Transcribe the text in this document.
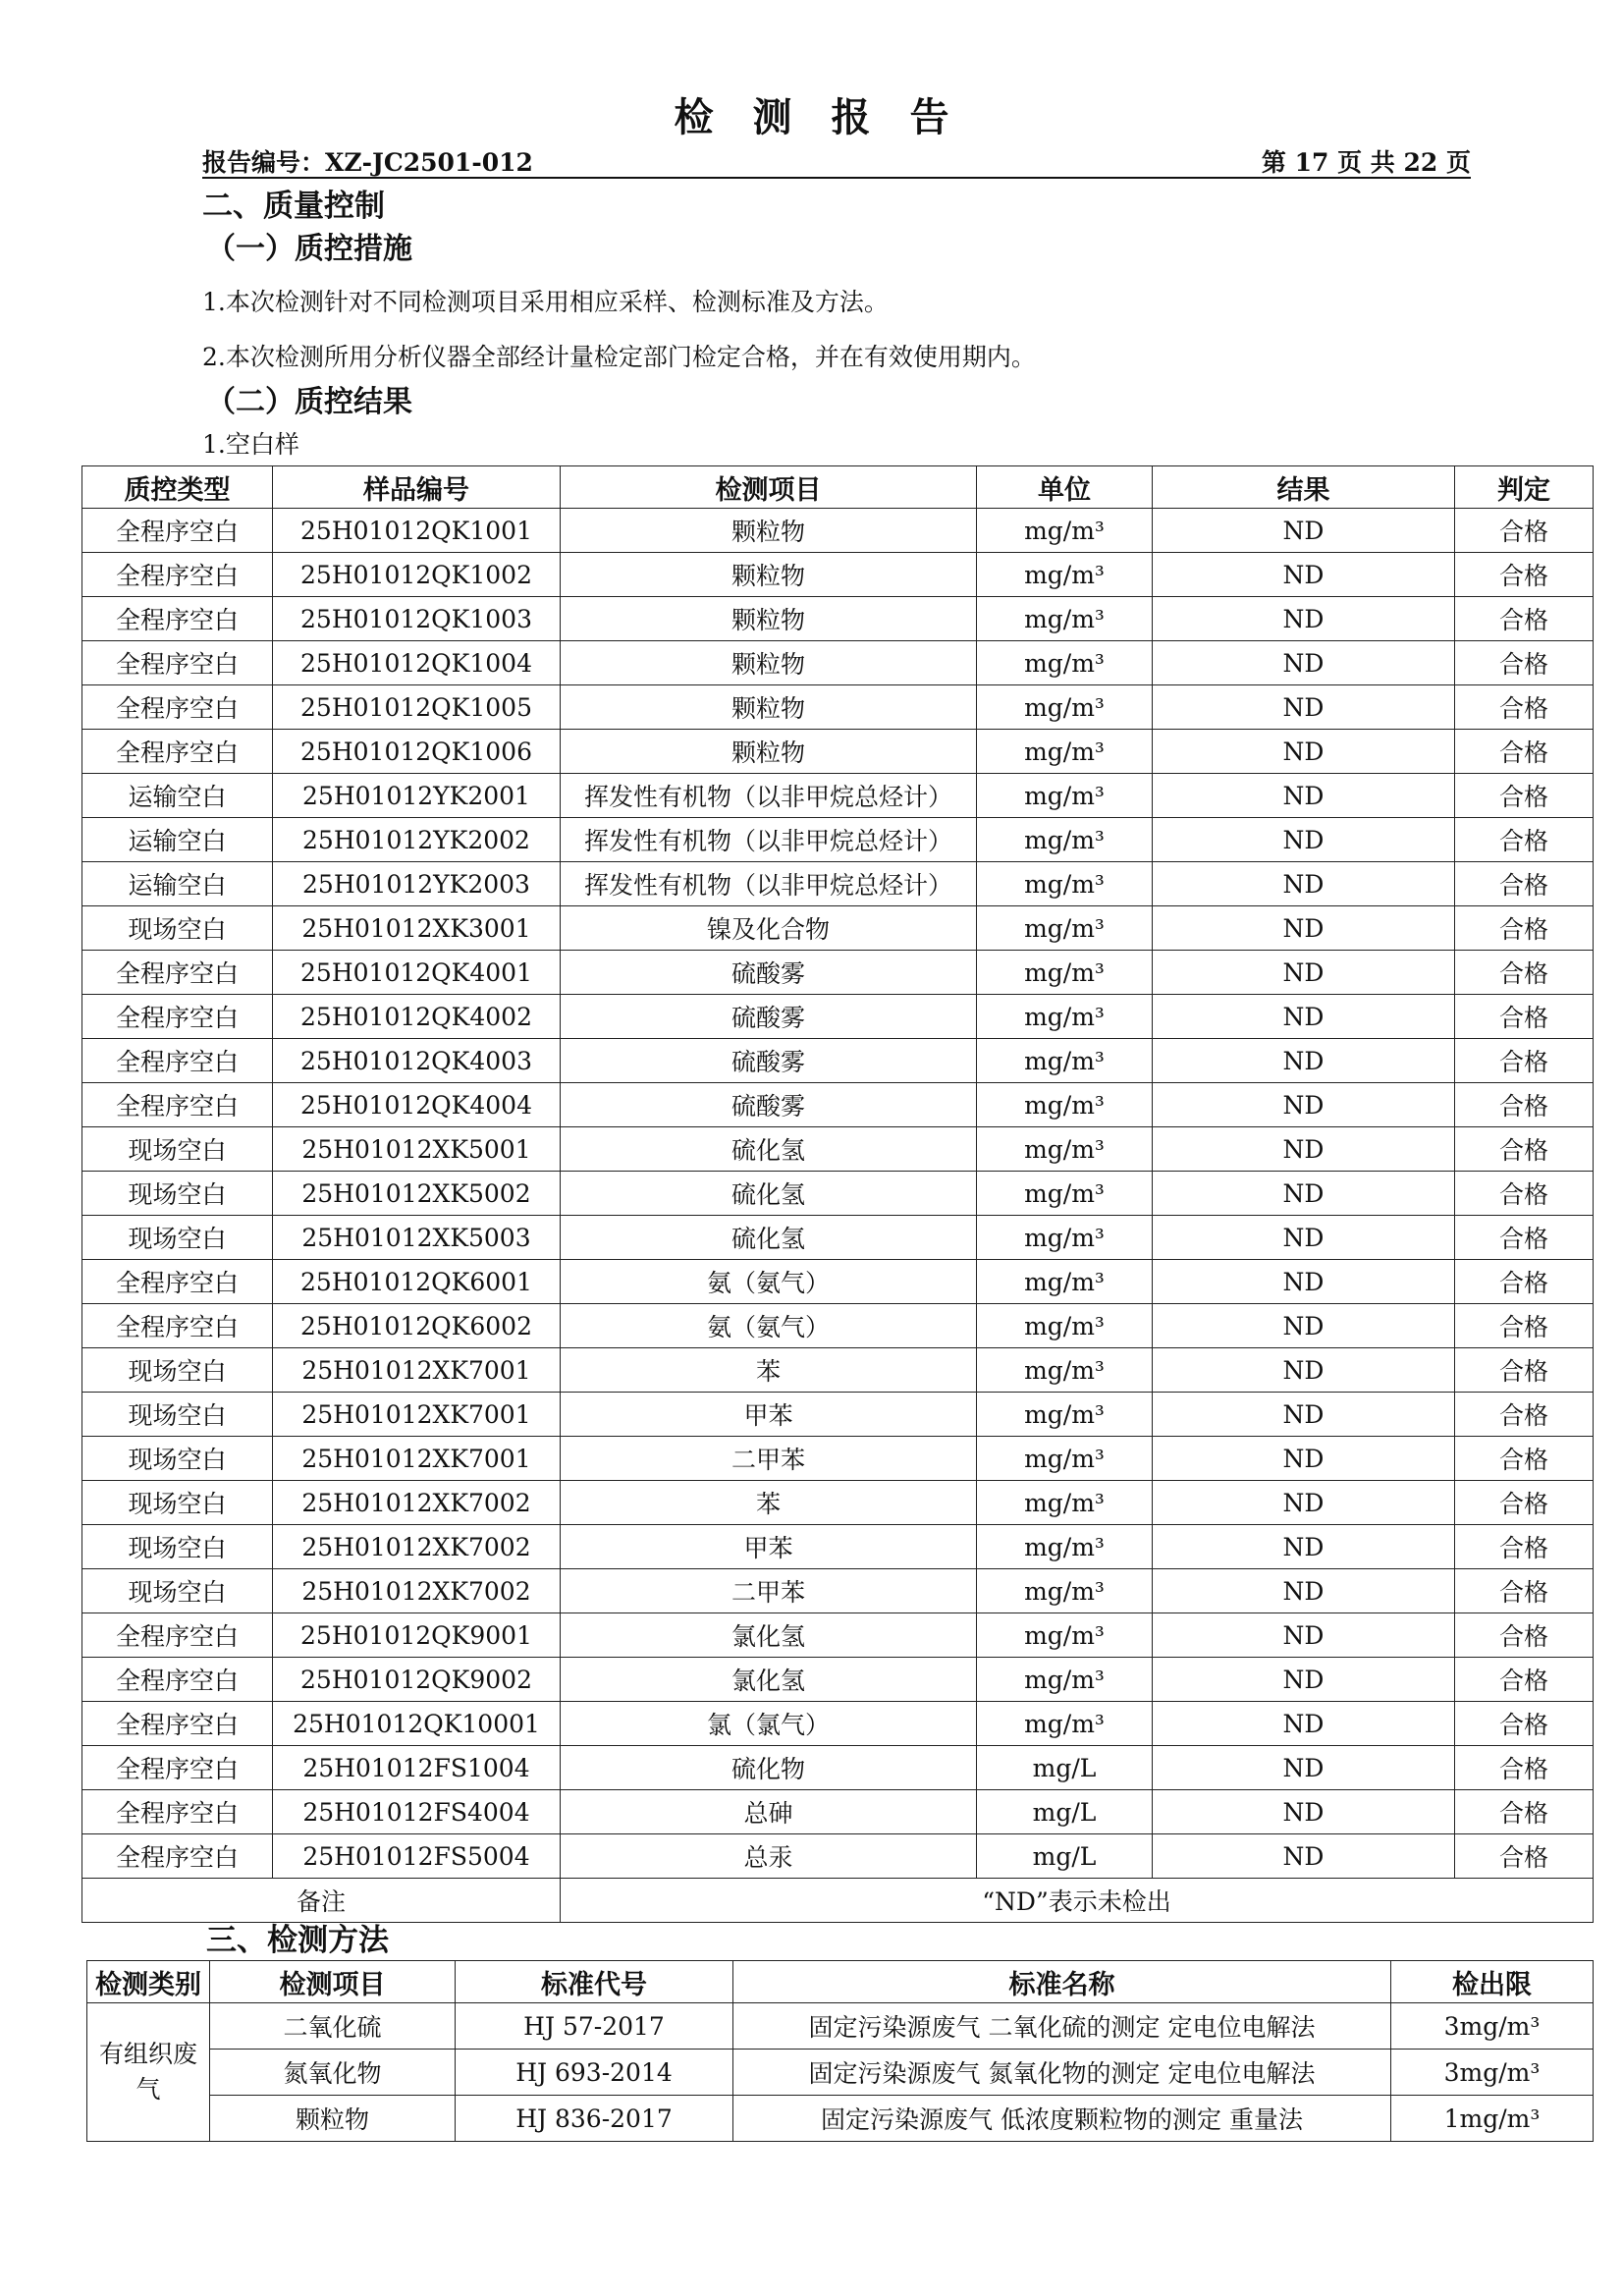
检测报告
报告编号：XZ-JC2501-012	第 17 页 共 22 页
二、质量控制
（一）质控措施
1.本次检测针对不同检测项目采用相应采样、检测标准及方法。
2.本次检测所用分析仪器全部经计量检定部门检定合格，并在有效使用期内。
（二）质控结果
1.空白样
质控类型	样品编号	检测项目	单位	结果	判定
全程序空白	25H01012QK1001	颗粒物	mg/m³	ND	合格
全程序空白	25H01012QK1002	颗粒物	mg/m³	ND	合格
全程序空白	25H01012QK1003	颗粒物	mg/m³	ND	合格
全程序空白	25H01012QK1004	颗粒物	mg/m³	ND	合格
全程序空白	25H01012QK1005	颗粒物	mg/m³	ND	合格
全程序空白	25H01012QK1006	颗粒物	mg/m³	ND	合格
运输空白	25H01012YK2001	挥发性有机物（以非甲烷总烃计）	mg/m³	ND	合格
运输空白	25H01012YK2002	挥发性有机物（以非甲烷总烃计）	mg/m³	ND	合格
运输空白	25H01012YK2003	挥发性有机物（以非甲烷总烃计）	mg/m³	ND	合格
现场空白	25H01012XK3001	镍及化合物	mg/m³	ND	合格
全程序空白	25H01012QK4001	硫酸雾	mg/m³	ND	合格
全程序空白	25H01012QK4002	硫酸雾	mg/m³	ND	合格
全程序空白	25H01012QK4003	硫酸雾	mg/m³	ND	合格
全程序空白	25H01012QK4004	硫酸雾	mg/m³	ND	合格
现场空白	25H01012XK5001	硫化氢	mg/m³	ND	合格
现场空白	25H01012XK5002	硫化氢	mg/m³	ND	合格
现场空白	25H01012XK5003	硫化氢	mg/m³	ND	合格
全程序空白	25H01012QK6001	氨（氨气）	mg/m³	ND	合格
全程序空白	25H01012QK6002	氨（氨气）	mg/m³	ND	合格
现场空白	25H01012XK7001	苯	mg/m³	ND	合格
现场空白	25H01012XK7001	甲苯	mg/m³	ND	合格
现场空白	25H01012XK7001	二甲苯	mg/m³	ND	合格
现场空白	25H01012XK7002	苯	mg/m³	ND	合格
现场空白	25H01012XK7002	甲苯	mg/m³	ND	合格
现场空白	25H01012XK7002	二甲苯	mg/m³	ND	合格
全程序空白	25H01012QK9001	氯化氢	mg/m³	ND	合格
全程序空白	25H01012QK9002	氯化氢	mg/m³	ND	合格
全程序空白	25H01012QK10001	氯（氯气）	mg/m³	ND	合格
全程序空白	25H01012FS1004	硫化物	mg/L	ND	合格
全程序空白	25H01012FS4004	总砷	mg/L	ND	合格
全程序空白	25H01012FS5004	总汞	mg/L	ND	合格
备注		“ND”表示未检出			
三、检测方法
检测类别	检测项目	标准代号	标准名称	检出限
有组织废气	二氧化硫	HJ 57-2017	固定污染源废气 二氧化硫的测定 定电位电解法	3mg/m³
	氮氧化物	HJ 693-2014	固定污染源废气 氮氧化物的测定 定电位电解法	3mg/m³
	颗粒物	HJ 836-2017	固定污染源废气 低浓度颗粒物的测定 重量法	1mg/m³
